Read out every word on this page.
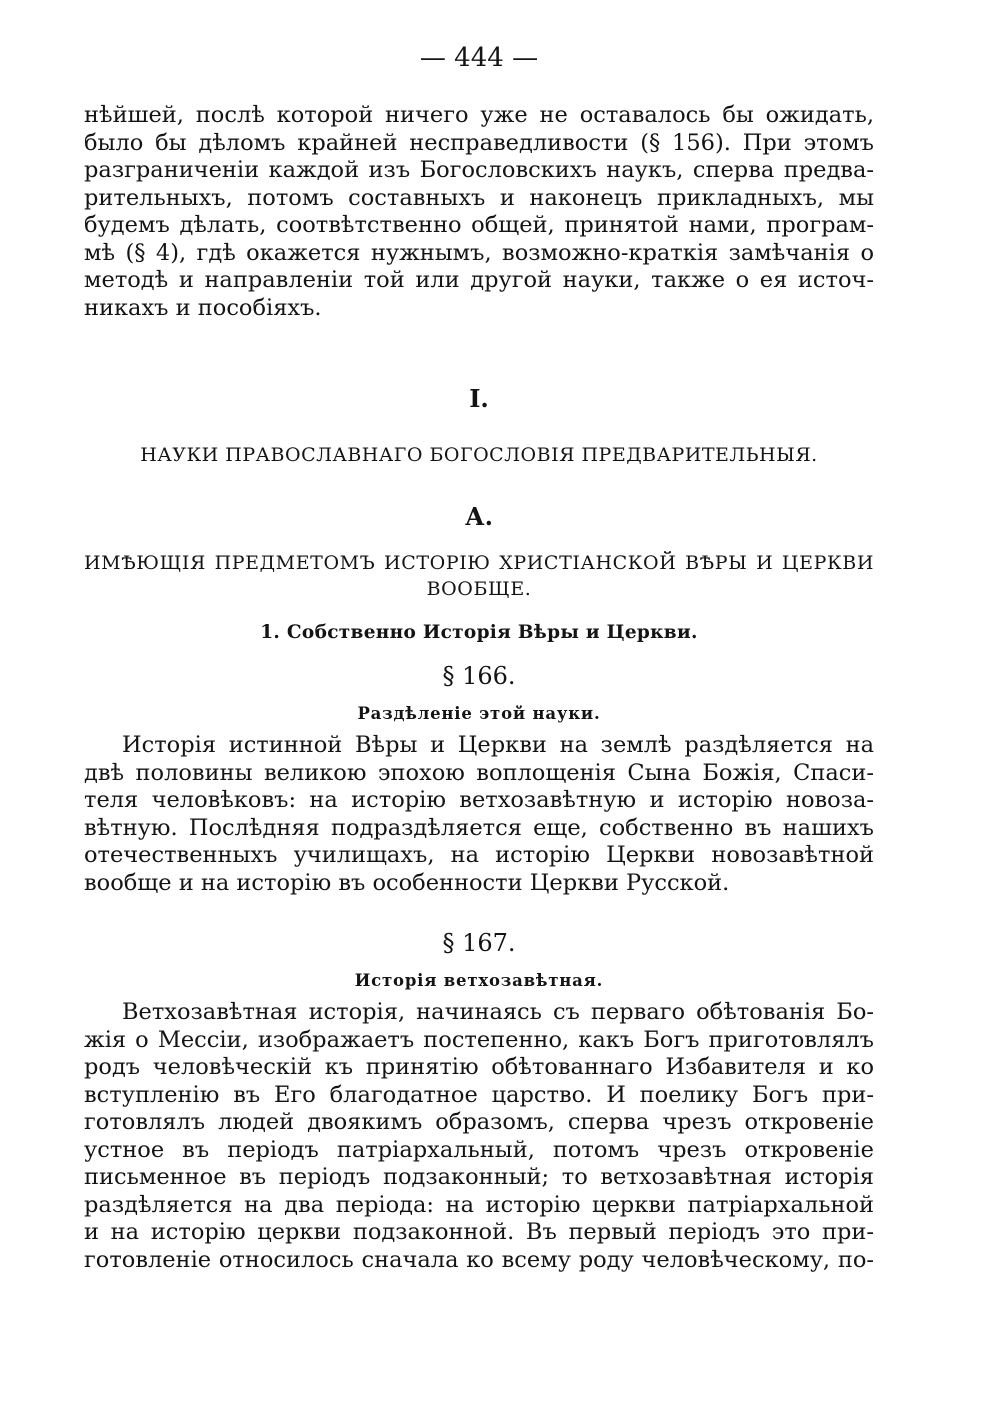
— 444 —
нѣйшей, послѣ которой ничего уже не оставалось бы ожидать,
было бы дѣломъ крайней несправедливости (§ 156). При этомъ
разграниченiи каждой изъ Богословскихъ наукъ, сперва предва-
рительныхъ, потомъ составныхъ и наконецъ прикладныхъ, мы
будемъ дѣлать, соотвѣтственно общей, принятой нами, програм-
мѣ (§ 4), гдѣ окажется нужнымъ, возможно-краткiя замѣчанiя о
методѣ и направленiи той или другой науки, также о ея источ-
никахъ и пособiяхъ.
I.
НАУКИ ПРАВОСЛАВНАГО БОГОСЛОВIЯ ПРЕДВАРИТЕЛЬНЫЯ.
А.
ИМѢЮЩIЯ ПРЕДМЕТОМЪ ИСТОРIЮ ХРИСТIАНСКОЙ ВѢРЫ И ЦЕРКВИ
ВООБЩЕ.
1. Собственно Исторiя Вѣры и Церкви.
§ 166.
Раздѣленiе этой науки.
Исторiя истинной Вѣры и Церкви на землѣ раздѣляется на
двѣ половины великою эпохою воплощенiя Сына Божiя, Спаси-
теля человѣковъ: на исторiю ветхозавѣтную и исторiю новоза-
вѣтную. Послѣдняя подраздѣляется еще, собственно въ нашихъ
отечественныхъ училищахъ, на исторiю Церкви новозавѣтной
вообще и на исторiю въ особенности Церкви Русской.
§ 167.
Исторiя ветхозавѣтная.
Ветхозавѣтная исторiя, начинаясь съ перваго обѣтованiя Бо-
жiя о Мессiи, изображаетъ постепенно, какъ Богъ приготовлялъ
родъ человѣческiй къ принятiю обѣтованнаго Избавителя и ко
вступленiю въ Его благодатное царство. И поелику Богъ при-
готовлялъ людей двоякимъ образомъ, сперва чрезъ откровенiе
устное въ перiодъ патрiархальный, потомъ чрезъ откровенiе
письменное въ перiодъ подзаконный; то ветхозавѣтная исторiя
раздѣляется на два перiода: на исторiю церкви патрiархальной
и на исторiю церкви подзаконной. Въ первый перiодъ это при-
готовленiе относилось сначала ко всему роду человѣческому, по-
